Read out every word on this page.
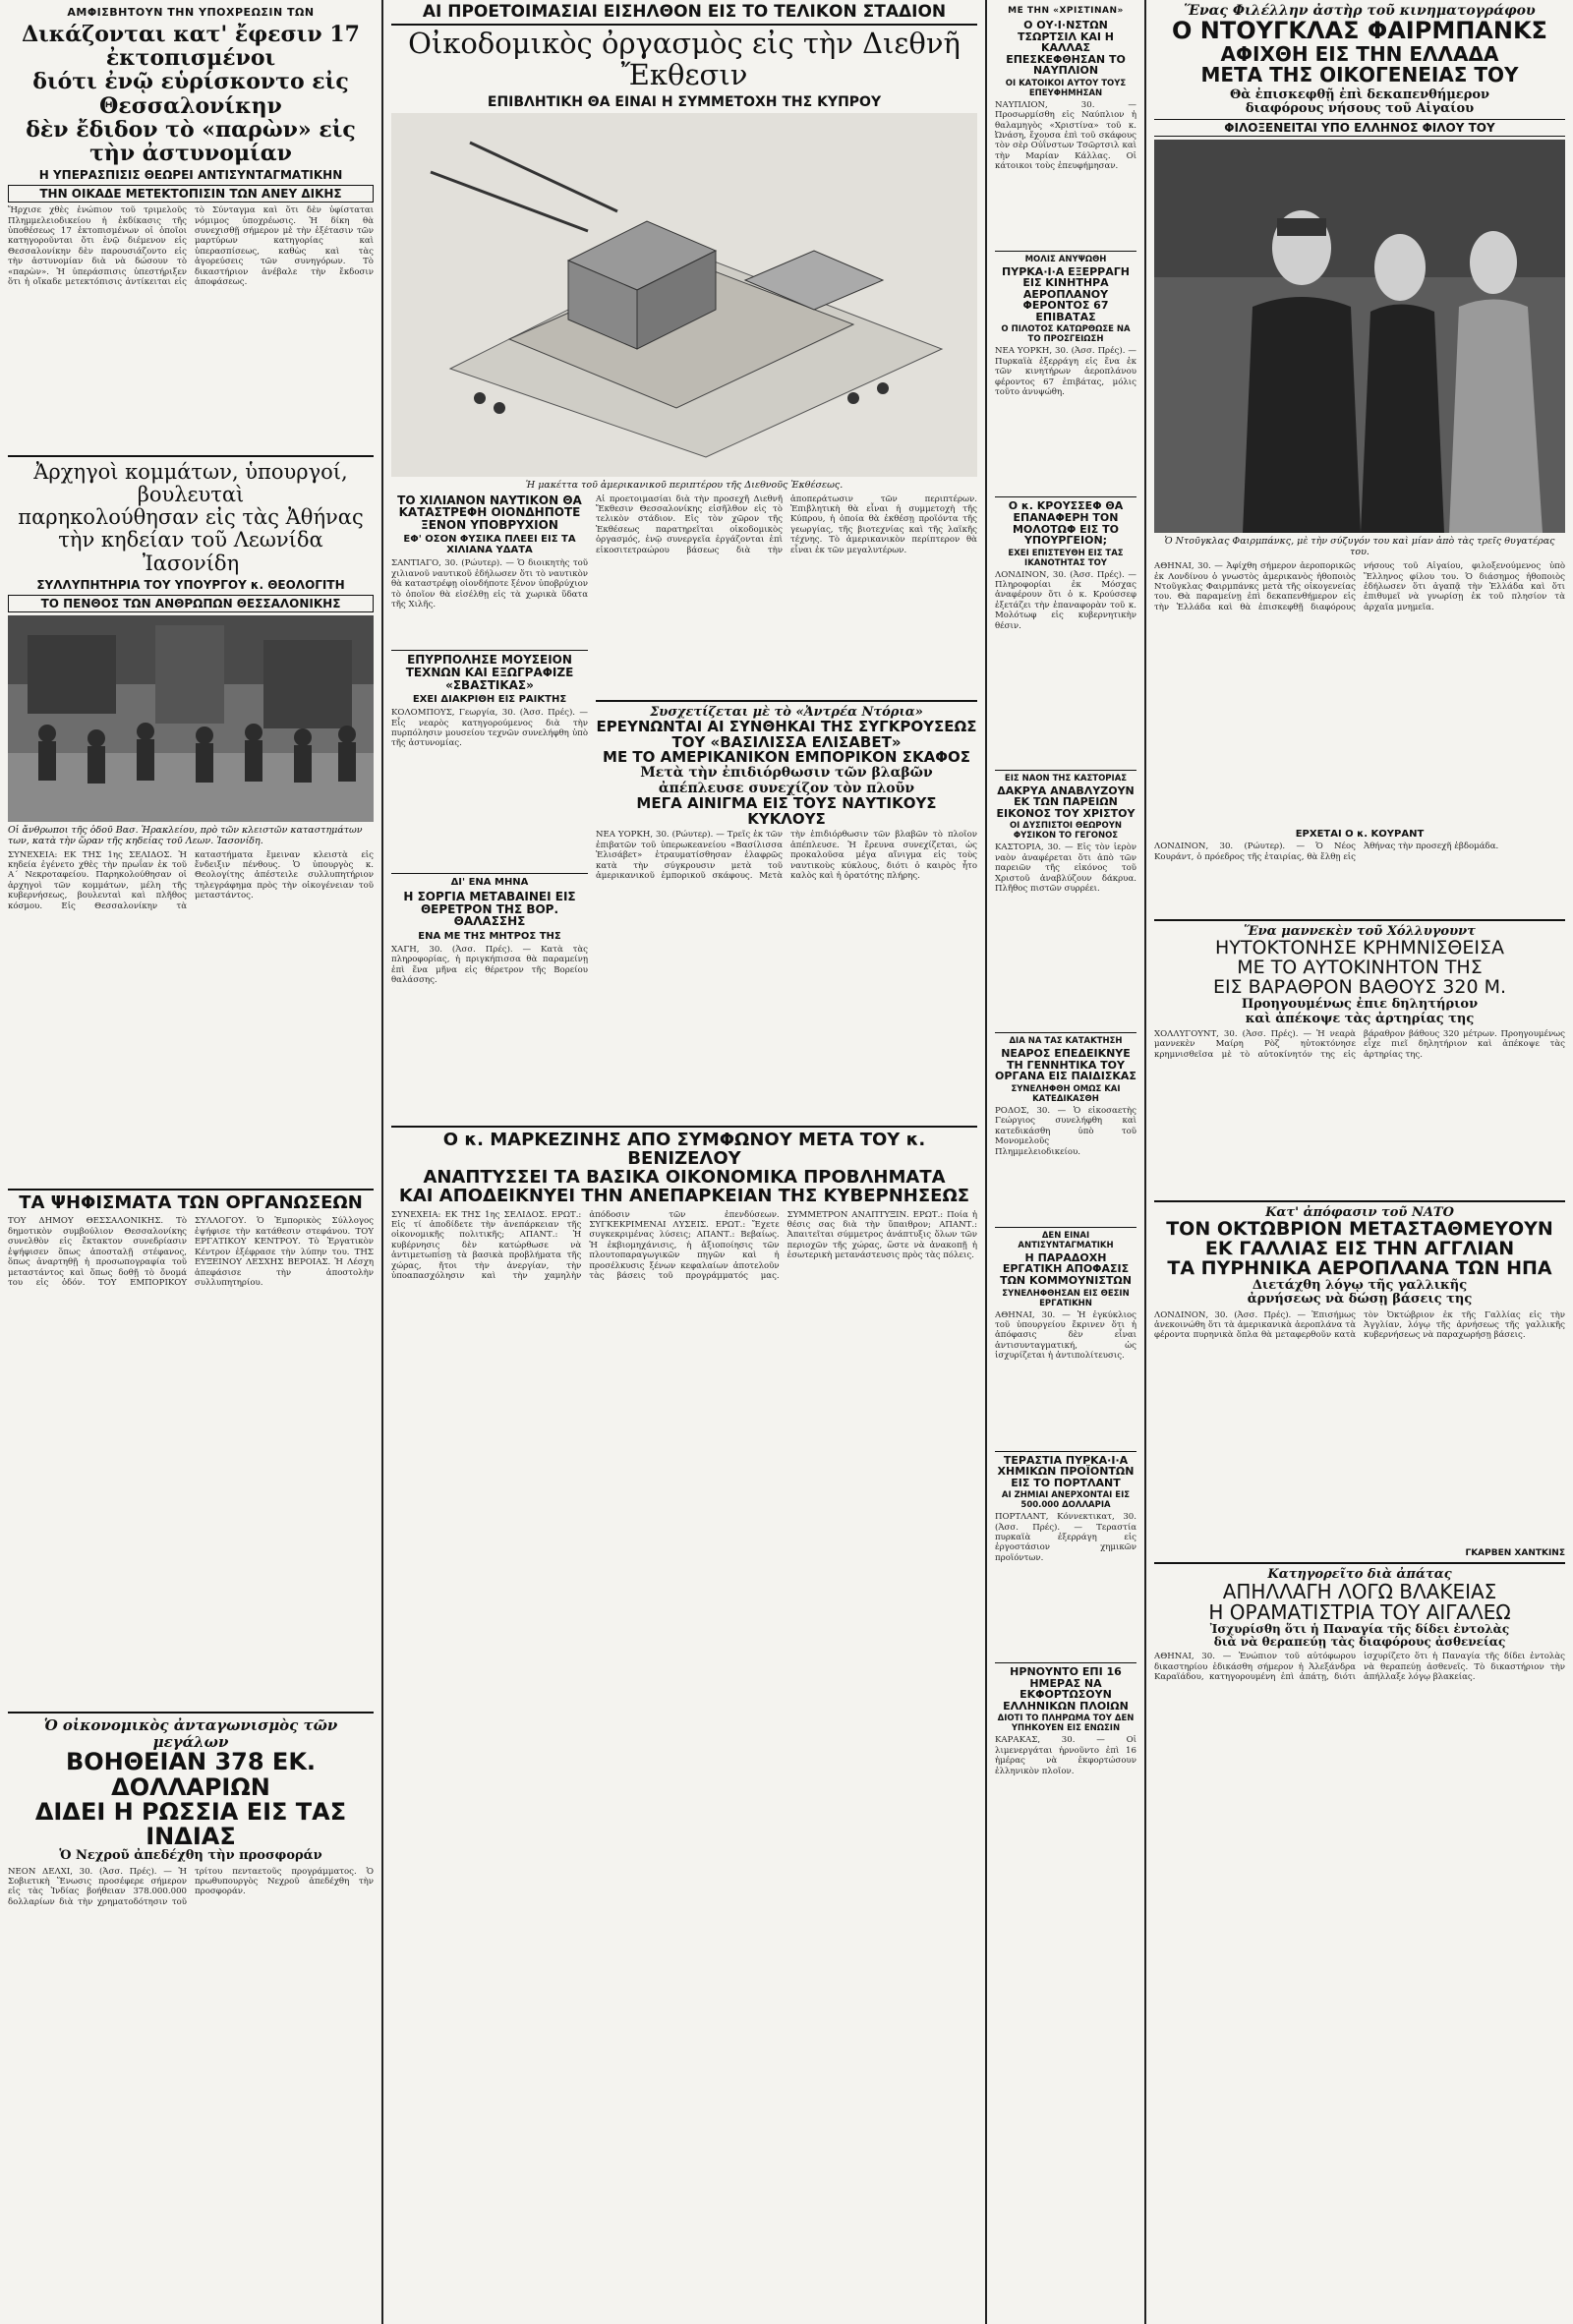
ΑΜΦΙΣΒΗΤΟΥΝ ΤΗΝ ΥΠΟΧΡΕΩΣΙΝ ΤΩΝ
Δικάζονται κατ' ἔφεσιν 17 ἐκτοπισμένοι
διότι ἐνῷ εὑρίσκοντο εἰς Θεσσαλονίκην
δὲν ἔδιδον τὸ «παρὼν» εἰς τὴν ἀστυνομίαν
Η ΥΠΕΡΑΣΠΙΣΙΣ ΘΕΩΡΕΙ ΑΝΤΙΣΥΝΤΑΓΜΑΤΙΚΗΝ
ΤΗΝ ΟΙΚΑΔΕ ΜΕΤΕΚΤΟΠΙΣΙΝ ΤΩΝ ΑΝΕΥ ΔΙΚΗΣ
Ἤρχισε χθὲς ἐνώπιον τοῦ τριμελοῦς Πλημμελειοδικείου ἡ ἐκδίκασις τῆς ὑποθέσεως 17 ἐκτοπισμένων οἱ ὁποῖοι κατηγοροῦνται ὅτι ἐνῷ διέμενον εἰς Θεσσαλονίκην δὲν παρουσιάζοντο εἰς τὴν ἀστυνομίαν διὰ νὰ δώσουν τὸ «παρὼν». Ἡ ὑπεράσπισις ὑπεστήριξεν ὅτι ἡ οἴκαδε μετεκτόπισις ἀντίκειται εἰς τὸ Σύνταγμα καὶ ὅτι δὲν ὑφίσταται νόμιμος ὑποχρέωσις. Ἡ δίκη θὰ συνεχισθῇ σήμερον μὲ τὴν ἐξέτασιν τῶν μαρτύρων κατηγορίας καὶ ὑπερασπίσεως, καθὼς καὶ τὰς ἀγορεύσεις τῶν συνηγόρων. Τὸ δικαστήριον ἀνέβαλε τὴν ἔκδοσιν ἀποφάσεως.
Ἀρχηγοὶ κομμάτων, ὑπουργοί, βουλευταὶ
παρηκολούθησαν εἰς τὰς Ἀθήνας
τὴν κηδείαν τοῦ Λεωνίδα Ἰασονίδη
ΣΥΛΛΥΠΗΤΗΡΙΑ ΤΟΥ ΥΠΟΥΡΓΟΥ κ. ΘΕΟΛΟΓΙΤΗ
ΤΟ ΠΕΝΘΟΣ ΤΩΝ ΑΝΘΡΩΠΩΝ ΘΕΣΣΑΛΟΝΙΚΗΣ
Οἱ ἄνθρωποι τῆς ὁδοῦ Βασ. Ἡρακλείου, πρὸ τῶν κλειστῶν καταστημάτων των, κατὰ τὴν ὥραν τῆς κηδείας τοῦ Λεων. Ἰασονίδη.
ΣΥΝΕΧΕΙΑ: ΕΚ ΤΗΣ 1ης ΣΕΛΙΔΟΣ. Ἡ κηδεία ἐγένετο χθὲς τὴν πρωΐαν ἐκ τοῦ Α΄ Νεκροταφείου. Παρηκολούθησαν οἱ ἀρχηγοὶ τῶν κομμάτων, μέλη τῆς κυβερνήσεως, βουλευταὶ καὶ πλῆθος κόσμου. Εἰς Θεσσαλονίκην τὰ καταστήματα ἔμειναν κλειστὰ εἰς ἔνδειξιν πένθους. Ὁ ὑπουργὸς κ. Θεολογίτης ἀπέστειλε συλλυπητήριον τηλεγράφημα πρὸς τὴν οἰκογένειαν τοῦ μεταστάντος.
ΤΑ ΨΗΦΙΣΜΑΤΑ ΤΩΝ ΟΡΓΑΝΩΣΕΩΝ
ΤΟΥ ΔΗΜΟΥ ΘΕΣΣΑΛΟΝΙΚΗΣ. Τὸ δημοτικὸν συμβούλιον Θεσσαλονίκης συνελθὸν εἰς ἔκτακτον συνεδρίασιν ἐψήφισεν ὅπως ἀποσταλῇ στέφανος, ὅπως ἀναρτηθῇ ἡ προσωπογραφία τοῦ μεταστάντος καὶ ὅπως δοθῇ τὸ ὄνομά του εἰς ὁδόν. ΤΟΥ ΕΜΠΟΡΙΚΟΥ ΣΥΛΛΟΓΟΥ. Ὁ Ἐμπορικὸς Σύλλογος ἐψήφισε τὴν κατάθεσιν στεφάνου. ΤΟΥ ΕΡΓΑΤΙΚΟΥ ΚΕΝΤΡΟΥ. Τὸ Ἐργατικὸν Κέντρον ἐξέφρασε τὴν λύπην του. ΤΗΣ ΕΥΞΕΙΝΟΥ ΛΕΣΧΗΣ ΒΕΡΟΙΑΣ. Ἡ Λέσχη ἀπεφάσισε τὴν ἀποστολὴν συλλυπητηρίου.
Ὁ οἰκονομικὸς ἀνταγωνισμὸς τῶν μεγάλων
ΒΟΗΘΕΙΑΝ 378 ΕΚ. ΔΟΛΛΑΡΙΩΝ
ΔΙΔΕΙ Η ΡΩΣΣΙΑ ΕΙΣ ΤΑΣ ΙΝΔΙΑΣ
Ὁ Νεχροῦ ἀπεδέχθη τὴν προσφοράν
ΝΕΟΝ ΔΕΛΧΙ, 30. (Ἀσσ. Πρές). — Ἡ Σοβιετικὴ Ἕνωσις προσέφερε σήμερον εἰς τὰς Ἰνδίας βοήθειαν 378.000.000 δολλαρίων διὰ τὴν χρηματοδότησιν τοῦ τρίτου πενταετοῦς προγράμματος. Ὁ πρωθυπουργὸς Νεχροῦ ἀπεδέχθη τὴν προσφοράν.
ΑΙ ΠΡΟΕΤΟΙΜΑΣΙΑΙ ΕΙΣΗΛΘΟΝ ΕΙΣ ΤΟ ΤΕΛΙΚΟΝ ΣΤΑΔΙΟΝ
Οἰκοδομικὸς ὀργασμὸς εἰς τὴν Διεθνῆ Ἔκθεσιν
ΕΠΙΒΛΗΤΙΚΗ ΘΑ ΕΙΝΑΙ Η ΣΥΜΜΕΤΟΧΗ ΤΗΣ ΚΥΠΡΟΥ
Ἡ μακέττα τοῦ ἀμερικανικοῦ περιπτέρου τῆς Διεθνοῦς Ἐκθέσεως.
ΤΟ ΧΙΛΙΑΝΟΝ ΝΑΥΤΙΚΟΝ ΘΑ ΚΑΤΑΣΤΡΕΦΗ ΟΙΟΝΔΗΠΟΤΕ ΞΕΝΟΝ ΥΠΟΒΡΥΧΙΟΝ
ΕΦ' ΟΣΟΝ ΦΥΣΙΚΑ ΠΛΕΕΙ ΕΙΣ ΤΑ ΧΙΛΙΑΝΑ ΥΔΑΤΑ
ΣΑΝΤΙΑΓΟ, 30. (Ρώυτερ). — Ὁ διοικητὴς τοῦ χιλιανοῦ ναυτικοῦ ἐδήλωσεν ὅτι τὸ ναυτικὸν θὰ καταστρέφῃ οἱονδήποτε ξένον ὑποβρύχιον τὸ ὁποῖον θὰ εἰσέλθῃ εἰς τὰ χωρικὰ ὕδατα τῆς Χιλῆς.
ΕΠΥΡΠΟΛΗΣΕ ΜΟΥΣΕΙΟΝ ΤΕΧΝΩΝ ΚΑΙ ΕΞΩΓΡΑΦΙΖΕ «ΣΒΑΣΤΙΚΑΣ»
ΕΧΕΙ ΔΙΑΚΡΙΘΗ ΕΙΣ ΡΑΙΚΤΗΣ
ΚΟΛΟΜΠΟΥΣ, Γεωργία, 30. (Ἀσσ. Πρές). — Εἷς νεαρὸς κατηγορούμενος διὰ τὴν πυρπόλησιν μουσείου τεχνῶν συνελήφθη ὑπὸ τῆς ἀστυνομίας.
ΔΙ' ΕΝΑ ΜΗΝΑ
Η ΣΟΡΓΙΑ ΜΕΤΑΒΑΙΝΕΙ ΕΙΣ ΘΕΡΕΤΡΟΝ ΤΗΣ ΒΟΡ. ΘΑΛΑΣΣΗΣ
ΕΝΑ ΜΕ ΤΗΣ ΜΗΤΡΟΣ ΤΗΣ
ΧΑΓΗ, 30. (Ἀσσ. Πρές). — Κατὰ τὰς πληροφορίας, ἡ πριγκήπισσα θὰ παραμείνῃ ἐπὶ ἕνα μῆνα εἰς θέρετρον τῆς Βορείου θαλάσσης.
Αἱ προετοιμασίαι διὰ τὴν προσεχῆ Διεθνῆ Ἔκθεσιν Θεσσαλονίκης εἰσῆλθον εἰς τὸ τελικὸν στάδιον. Εἰς τὸν χῶρον τῆς Ἐκθέσεως παρατηρεῖται οἰκοδομικὸς ὀργασμός, ἐνῷ συνεργεῖα ἐργάζονται ἐπὶ εἰκοσιτετραώρου βάσεως διὰ τὴν ἀποπεράτωσιν τῶν περιπτέρων. Ἐπιβλητικὴ θὰ εἶναι ἡ συμμετοχὴ τῆς Κύπρου, ἡ ὁποία θὰ ἐκθέσῃ προϊόντα τῆς γεωργίας, τῆς βιοτεχνίας καὶ τῆς λαϊκῆς τέχνης. Τὸ ἀμερικανικὸν περίπτερον θὰ εἶναι ἐκ τῶν μεγαλυτέρων.
Συσχετίζεται μὲ τὸ «Ἀντρέα Ντόρια»
ΕΡΕΥΝΩΝΤΑΙ ΑΙ ΣΥΝΘΗΚΑΙ ΤΗΣ ΣΥΓΚΡΟΥΣΕΩΣ
ΤΟΥ «ΒΑΣΙΛΙΣΣΑ ΕΛΙΣΑΒΕΤ»
ΜΕ ΤΟ ΑΜΕΡΙΚΑΝΙΚΟΝ ΕΜΠΟΡΙΚΟΝ ΣΚΑΦΟΣ
Μετὰ τὴν ἐπιδιόρθωσιν τῶν βλαβῶν
ἀπέπλευσε συνεχίζον τὸν πλοῦν
ΜΕΓΑ ΑΙΝΙΓΜΑ ΕΙΣ ΤΟΥΣ ΝΑΥΤΙΚΟΥΣ ΚΥΚΛΟΥΣ
ΝΕΑ ΥΟΡΚΗ, 30. (Ρώυτερ). — Τρεῖς ἐκ τῶν ἐπιβατῶν τοῦ ὑπερωκεανείου «Βασίλισσα Ἐλισάβετ» ἐτραυματίσθησαν ἐλαφρῶς κατὰ τὴν σύγκρουσιν μετὰ τοῦ ἀμερικανικοῦ ἐμπορικοῦ σκάφους. Μετὰ τὴν ἐπιδιόρθωσιν τῶν βλαβῶν τὸ πλοῖον ἀπέπλευσε. Ἡ ἔρευνα συνεχίζεται, ὡς προκαλοῦσα μέγα αἴνιγμα εἰς τοὺς ναυτικοὺς κύκλους, διότι ὁ καιρὸς ἦτο καλὸς καὶ ἡ ὁρατότης πλήρης.
Ο κ. ΜΑΡΚΕΖΙΝΗΣ ΑΠΟ ΣΥΜΦΩΝΟΥ ΜΕΤΑ ΤΟΥ κ. ΒΕΝΙΖΕΛΟΥ
ΑΝΑΠΤΥΣΣΕΙ ΤΑ ΒΑΣΙΚΑ ΟΙΚΟΝΟΜΙΚΑ ΠΡΟΒΛΗΜΑΤΑ
ΚΑΙ ΑΠΟΔΕΙΚΝΥΕΙ ΤΗΝ ΑΝΕΠΑΡΚΕΙΑΝ ΤΗΣ ΚΥΒΕΡΝΗΣΕΩΣ
ΣΥΝΕΧΕΙΑ: ΕΚ ΤΗΣ 1ης ΣΕΛΙΔΟΣ. ΕΡΩΤ.: Εἰς τί ἀποδίδετε τὴν ἀνεπάρκειαν τῆς οἰκονομικῆς πολιτικῆς; ΑΠΑΝΤ.: Ἡ κυβέρνησις δὲν κατώρθωσε νὰ ἀντιμετωπίσῃ τὰ βασικὰ προβλήματα τῆς χώρας, ἤτοι τὴν ἀνεργίαν, τὴν ὑποαπασχόλησιν καὶ τὴν χαμηλὴν ἀπόδοσιν τῶν ἐπενδύσεων. ΣΥΓΚΕΚΡΙΜΕΝΑΙ ΛΥΣΕΙΣ. ΕΡΩΤ.: Ἔχετε συγκεκριμένας λύσεις; ΑΠΑΝΤ.: Βεβαίως. Ἡ ἐκβιομηχάνισις, ἡ ἀξιοποίησις τῶν πλουτοπαραγωγικῶν πηγῶν καὶ ἡ προσέλκυσις ξένων κεφαλαίων ἀποτελοῦν τὰς βάσεις τοῦ προγράμματός μας. ΣΥΜΜΕΤΡΟΝ ΑΝΑΠΤΥΞΙΝ. ΕΡΩΤ.: Ποία ἡ θέσις σας διὰ τὴν ὕπαιθρον; ΑΠΑΝΤ.: Ἀπαιτεῖται σύμμετρος ἀνάπτυξις ὅλων τῶν περιοχῶν τῆς χώρας, ὥστε νὰ ἀνακοπῇ ἡ ἐσωτερικὴ μετανάστευσις πρὸς τὰς πόλεις.
ΜΕ ΤΗΝ «ΧΡΙΣΤΙΝΑΝ»
Ο ΟΥ·Ι·ΝΣΤΩΝ ΤΣΩΡΤΣΙΛ ΚΑΙ Η ΚΑΛΛΑΣ ΕΠΕΣΚΕΦΘΗΣΑΝ ΤΟ ΝΑΥΠΛΙΟΝ
ΟΙ ΚΑΤΟΙΚΟΙ ΑΥΤΟΥ ΤΟΥΣ ΕΠΕΥΦΗΜΗΣΑΝ
ΝΑΥΠΛΙΟΝ, 30. — Προσωρμίσθη εἰς Ναύπλιον ἡ θαλαμηγὸς «Χριστίνα» τοῦ κ. Ὠνάση, ἔχουσα ἐπὶ τοῦ σκάφους τὸν σὲρ Οὐΐνστων Τσῶρτσιλ καὶ τὴν Μαρίαν Κάλλας. Οἱ κάτοικοι τοὺς ἐπευφήμησαν.
ΜΟΛΙΣ ΑΝΥΨΩΘΗ
ΠΥΡΚΑ·Ι·Α ΕΞΕΡΡΑΓΗ ΕΙΣ ΚΙΝΗΤΗΡΑ ΑΕΡΟΠΛΑΝΟΥ ΦΕΡΟΝΤΟΣ 67 ΕΠΙΒΑΤΑΣ
Ο ΠΙΛΟΤΟΣ ΚΑΤΩΡΘΩΣΕ ΝΑ ΤΟ ΠΡΟΣΓΕΙΩΣΗ
ΝΕΑ ΥΟΡΚΗ, 30. (Ἀσσ. Πρές). — Πυρκαϊὰ ἐξερράγη εἰς ἕνα ἐκ τῶν κινητήρων ἀεροπλάνου φέροντος 67 ἐπιβάτας, μόλις τοῦτο ἀνυψώθη.
Ο κ. ΚΡΟΥΣΣΕΦ ΘΑ ΕΠΑΝΑΦΕΡΗ ΤΟΝ ΜΟΛΟΤΩΦ ΕΙΣ ΤΟ ΥΠΟΥΡΓΕΙΟΝ;
ΕΧΕΙ ΕΠΙΣΤΕΥΘΗ ΕΙΣ ΤΑΣ ΙΚΑΝΟΤΗΤΑΣ ΤΟΥ
ΛΟΝΔΙΝΟΝ, 30. (Ἀσσ. Πρές). — Πληροφορίαι ἐκ Μόσχας ἀναφέρουν ὅτι ὁ κ. Κρούσσεφ ἐξετάζει τὴν ἐπαναφορὰν τοῦ κ. Μολότωφ εἰς κυβερνητικὴν θέσιν.
ΕΙΣ ΝΑΟΝ ΤΗΣ ΚΑΣΤΟΡΙΑΣ
ΔΑΚΡΥΑ ΑΝΑΒΛΥΖΟΥΝ ΕΚ ΤΩΝ ΠΑΡΕΙΩΝ ΕΙΚΟΝΟΣ ΤΟΥ ΧΡΙΣΤΟΥ
ΟΙ ΔΥΣΠΙΣΤΟΙ ΘΕΩΡΟΥΝ ΦΥΣΙΚΟΝ ΤΟ ΓΕΓΟΝΟΣ
ΚΑΣΤΟΡΙΑ, 30. — Εἰς τὸν ἱερὸν ναὸν ἀναφέρεται ὅτι ἀπὸ τῶν παρειῶν τῆς εἰκόνος τοῦ Χριστοῦ ἀναβλύζουν δάκρυα. Πλῆθος πιστῶν συρρέει.
ΔΙΑ ΝΑ ΤΑΣ ΚΑΤΑΚΤΗΣΗ
ΝΕΑΡΟΣ ΕΠΕΔΕΙΚΝΥΕ ΤΗ ΓΕΝΝΗΤΙΚΑ ΤΟΥ ΟΡΓΑΝΑ ΕΙΣ ΠΑΙΔΙΣΚΑΣ
ΣΥΝΕΛΗΦΘΗ ΟΜΩΣ ΚΑΙ ΚΑΤΕΔΙΚΑΣΘΗ
ΡΟΔΟΣ, 30. — Ὁ εἰκοσαετὴς Γεώργιος συνελήφθη καὶ κατεδικάσθη ὑπὸ τοῦ Μονομελοῦς Πλημμελειοδικείου.
ΔΕΝ ΕΙΝΑΙ ΑΝΤΙΣΥΝΤΑΓΜΑΤΙΚΗ
Η ΠΑΡΑΔΟΧΗ ΕΡΓΑΤΙΚΗ ΑΠΟΦΑΣΙΣ ΤΩΝ ΚΟΜΜΟΥΝΙΣΤΩΝ
ΣΥΝΕΛΗΦΘΗΣΑΝ ΕΙΣ ΘΕΣΙΝ ΕΡΓΑΤΙΚΗΝ
ΑΘΗΝΑΙ, 30. — Ἡ ἐγκύκλιος τοῦ ὑπουργείου ἔκρινεν ὅτι ἡ ἀπόφασις δὲν εἶναι ἀντισυνταγματική, ὡς ἰσχυρίζεται ἡ ἀντιπολίτευσις.
ΤΕΡΑΣΤΙΑ ΠΥΡΚΑ·Ι·Α ΧΗΜΙΚΩΝ ΠΡΟΪΟΝΤΩΝ ΕΙΣ ΤΟ ΠΟΡΤΛΑΝΤ
ΑΙ ΖΗΜΙΑΙ ΑΝΕΡΧΟΝΤΑΙ ΕΙΣ 500.000 ΔΟΛΛΑΡΙΑ
ΠΟΡΤΛΑΝΤ, Κόννεκτικατ, 30. (Ἀσσ. Πρές). — Τεραστία πυρκαϊὰ ἐξερράγη εἰς ἐργοστάσιον χημικῶν προϊόντων.
ΗΡΝΟΥΝΤΟ ΕΠΙ 16 ΗΜΕΡΑΣ ΝΑ ΕΚΦΟΡΤΩΣΟΥΝ ΕΛΛΗΝΙΚΩΝ ΠΛΟΙΩΝ
ΔΙΟΤΙ ΤΟ ΠΛΗΡΩΜΑ ΤΟΥ ΔΕΝ ΥΠΗΚΟΥΕΝ ΕΙΣ ΕΝΩΣΙΝ
ΚΑΡΑΚΑΣ, 30. — Οἱ λιμενεργάται ἠρνοῦντο ἐπὶ 16 ἡμέρας νὰ ἐκφορτώσουν ἑλληνικὸν πλοῖον.
Ἕνας Φιλέλλην ἀστὴρ τοῦ κινηματογράφου
Ο ΝΤΟΥΓΚΛΑΣ ΦΑΙΡΜΠΑΝΚΣ
ΑΦΙΧΘΗ ΕΙΣ ΤΗΝ ΕΛΛΑΔΑ
ΜΕΤΑ ΤΗΣ ΟΙΚΟΓΕΝΕΙΑΣ ΤΟΥ
Θὰ ἐπισκεφθῇ ἐπὶ δεκαπενθήμερον
διαφόρους νήσους τοῦ Αἰγαίου
ΦΙΛΟΞΕΝΕΙΤΑΙ ΥΠΟ ΕΛΛΗΝΟΣ ΦΙΛΟΥ ΤΟΥ
Ὁ Ντοῦγκλας Φαιρμπάνκς, μὲ τὴν σύζυγόν του καὶ μίαν ἀπὸ τὰς τρεῖς θυγατέρας του.
ΑΘΗΝΑΙ, 30. — Ἀφίχθη σήμερον ἀεροπορικῶς ἐκ Λονδίνου ὁ γνωστὸς ἀμερικανὸς ἠθοποιὸς Ντοῦγκλας Φαιρμπάνκς μετὰ τῆς οἰκογενείας του. Θὰ παραμείνῃ ἐπὶ δεκαπενθήμερον εἰς τὴν Ἑλλάδα καὶ θὰ ἐπισκεφθῇ διαφόρους νήσους τοῦ Αἰγαίου, φιλοξενούμενος ὑπὸ Ἕλληνος φίλου του. Ὁ διάσημος ἠθοποιὸς ἐδήλωσεν ὅτι ἀγαπᾷ τὴν Ἑλλάδα καὶ ὅτι ἐπιθυμεῖ νὰ γνωρίσῃ ἐκ τοῦ πλησίον τὰ ἀρχαῖα μνημεῖα.
ΕΡΧΕΤΑΙ Ο κ. ΚΟΥΡΑΝΤ
ΛΟΝΔΙΝΟΝ, 30. (Ρώυτερ). — Ὁ Νέος Κουράντ, ὁ πρόεδρος τῆς ἑταιρίας, θὰ ἔλθῃ εἰς Ἀθήνας τὴν προσεχῆ ἑβδομάδα.
Ἕνα μαννεκὲν τοῦ Χόλλυγουντ
ΗΥΤΟΚΤΟΝΗΣΕ ΚΡΗΜΝΙΣΘΕΙΣΑ
ΜΕ ΤΟ ΑΥΤΟΚΙΝΗΤΟΝ ΤΗΣ
ΕΙΣ ΒΑΡΑΘΡΟΝ ΒΑΘΟΥΣ 320 Μ.
Προηγουμένως ἐπιε δηλητήριον
καὶ ἀπέκοψε τὰς ἀρτηρίας της
ΧΟΛΛΥΓΟΥΝΤ, 30. (Ἀσσ. Πρές). — Ἡ νεαρὰ μαννεκὲν Μαίρη Ρὸζ ηὐτοκτόνησε κρημνισθεῖσα μὲ τὸ αὐτοκίνητόν της εἰς βάραθρον βάθους 320 μέτρων. Προηγουμένως εἶχε πιεῖ δηλητήριον καὶ ἀπέκοψε τὰς ἀρτηρίας της.
Κατ' ἀπόφασιν τοῦ ΝΑΤΟ
ΤΟΝ ΟΚΤΩΒΡΙΟΝ ΜΕΤΑΣΤΑΘΜΕΥΟΥΝ
ΕΚ ΓΑΛΛΙΑΣ ΕΙΣ ΤΗΝ ΑΓΓΛΙΑΝ
ΤΑ ΠΥΡΗΝΙΚΑ ΑΕΡΟΠΛΑΝΑ ΤΩΝ ΗΠΑ
Διετάχθη λόγῳ τῆς γαλλικῆς
ἀρνήσεως νὰ δώσῃ βάσεις της
ΛΟΝΔΙΝΟΝ, 30. (Ἀσσ. Πρές). — Ἐπισήμως ἀνεκοινώθη ὅτι τὰ ἀμερικανικὰ ἀεροπλάνα τὰ φέροντα πυρηνικὰ ὅπλα θὰ μεταφερθοῦν κατὰ τὸν Ὀκτώβριον ἐκ τῆς Γαλλίας εἰς τὴν Ἀγγλίαν, λόγῳ τῆς ἀρνήσεως τῆς γαλλικῆς κυβερνήσεως νὰ παραχωρήσῃ βάσεις.
ΓΚΑΡΒΕΝ ΧΑΝΤΚΙΝΣ
Κατηγορεῖτο διὰ ἀπάτας
ΑΠΗΛΛΑΓΗ ΛΟΓΩ ΒΛΑΚΕΙΑΣ
Η ΟΡΑΜΑΤΙΣΤΡΙΑ ΤΟΥ ΑΙΓΑΛΕΩ
Ἰσχυρίσθη ὅτι ἡ Παναγία τῆς δίδει ἐντολὰς
διὰ νὰ θεραπεύῃ τὰς διαφόρους ἀσθενείας
ΑΘΗΝΑΙ, 30. — Ἐνώπιον τοῦ αὐτόφωρου δικαστηρίου ἐδικάσθη σήμερον ἡ Ἀλεξάνδρα Καραϊάδου, κατηγορουμένη ἐπὶ ἀπάτῃ, διότι ἰσχυρίζετο ὅτι ἡ Παναγία τῆς δίδει ἐντολὰς νὰ θεραπεύῃ ἀσθενεῖς. Τὸ δικαστήριον τὴν ἀπήλλαξε λόγῳ βλακείας.
